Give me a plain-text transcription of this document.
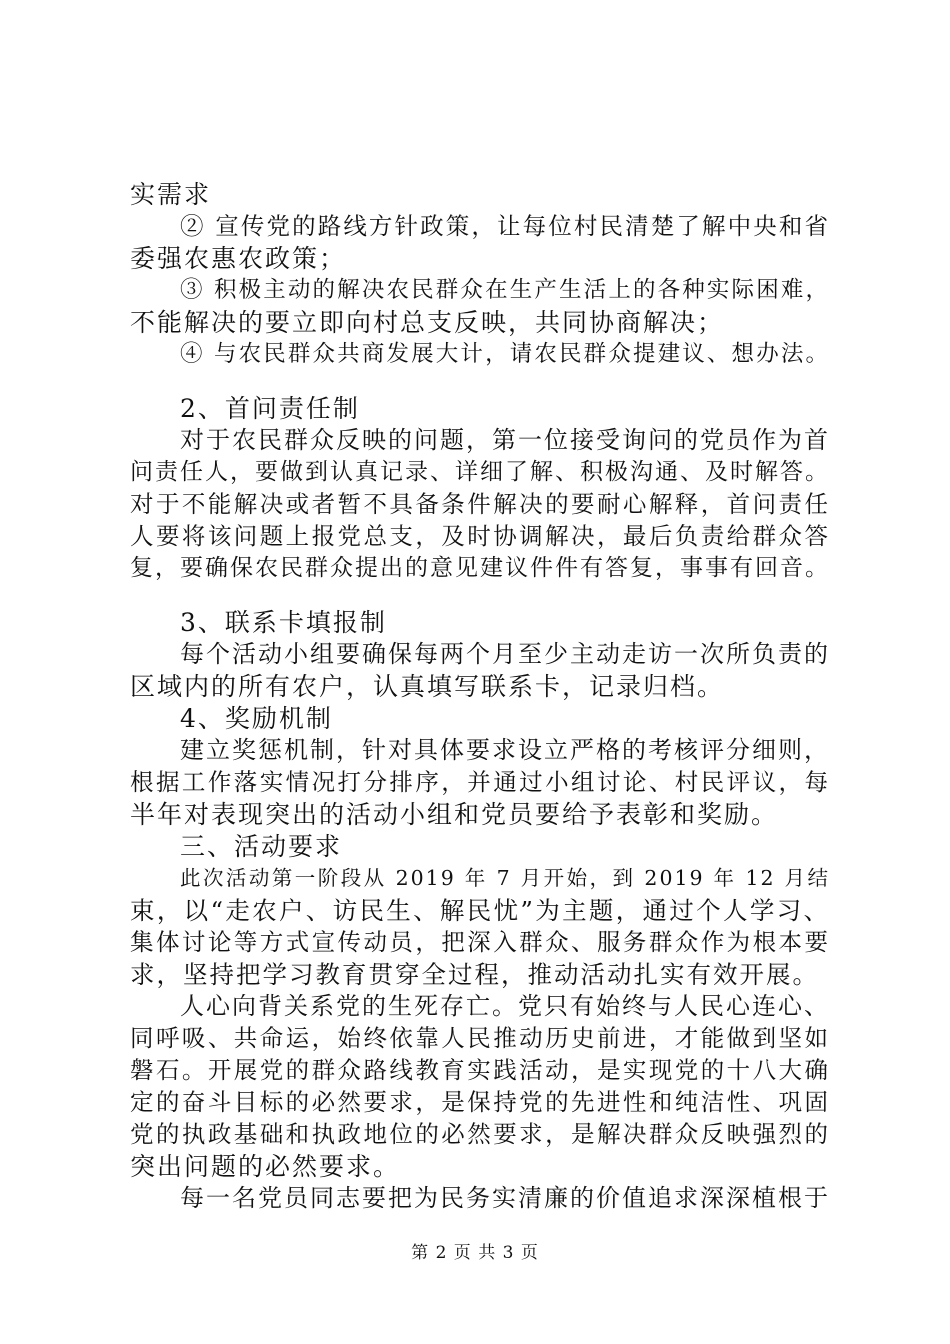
实需求
② 宣传党的路线方针政策，让每位村民清楚了解中央和省
委强农惠农政策；
③ 积极主动的解决农民群众在生产生活上的各种实际困难，
不能解决的要立即向村总支反映，共同协商解决；
④ 与农民群众共商发展大计，请农民群众提建议、想办法。
2、首问责任制
对于农民群众反映的问题，第一位接受询问的党员作为首
问责任人，要做到认真记录、详细了解、积极沟通、及时解答。
对于不能解决或者暂不具备条件解决的要耐心解释，首问责任
人要将该问题上报党总支，及时协调解决，最后负责给群众答
复，要确保农民群众提出的意见建议件件有答复，事事有回音。
3、联系卡填报制
每个活动小组要确保每两个月至少主动走访一次所负责的
区域内的所有农户，认真填写联系卡，记录归档。
4、奖励机制
建立奖惩机制，针对具体要求设立严格的考核评分细则，
根据工作落实情况打分排序，并通过小组讨论、村民评议，每
半年对表现突出的活动小组和党员要给予表彰和奖励。
三、活动要求
此次活动第一阶段从 2019 年 7 月开始，到 2019 年 12 月结
束，以“走农户、访民生、解民忧”为主题，通过个人学习、
集体讨论等方式宣传动员，把深入群众、服务群众作为根本要
求，坚持把学习教育贯穿全过程，推动活动扎实有效开展。
人心向背关系党的生死存亡。党只有始终与人民心连心、
同呼吸、共命运，始终依靠人民推动历史前进，才能做到坚如
磐石。开展党的群众路线教育实践活动，是实现党的十八大确
定的奋斗目标的必然要求，是保持党的先进性和纯洁性、巩固
党的执政基础和执政地位的必然要求，是解决群众反映强烈的
突出问题的必然要求。
每一名党员同志要把为民务实清廉的价值追求深深植根于
第 2 页 共 3 页
